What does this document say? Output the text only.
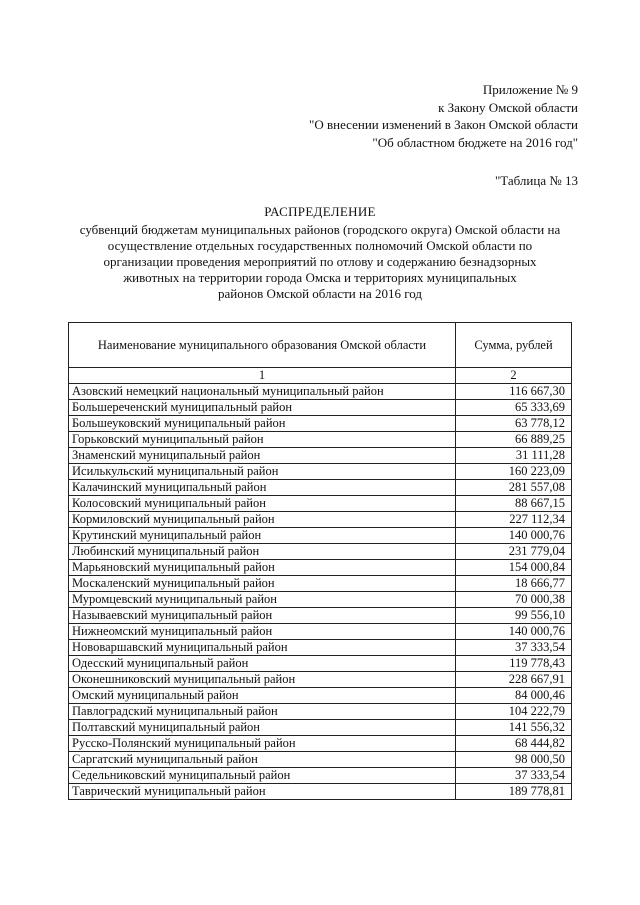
Приложение № 9
к Закону Омской области
"О внесении изменений в Закон Омской области
"Об областном бюджете на 2016 год"
"Таблица № 13
РАСПРЕДЕЛЕНИЕ
субвенций бюджетам муниципальных районов (городского округа) Омской области на
осуществление отдельных государственных полномочий Омской области по
организации проведения мероприятий по отлову и содержанию безнадзорных
животных на территории города Омска и территориях муниципальных
районов Омской области на 2016 год
Наименование муниципального образования Омской области	Сумма, рублей
1	2
Азовский немецкий национальный муниципальный район	116 667,30
Большереченский муниципальный район	65 333,69
Большеуковский муниципальный район	63 778,12
Горьковский муниципальный район	66 889,25
Знаменский муниципальный район	31 111,28
Исилькульский муниципальный район	160 223,09
Калачинский муниципальный район	281 557,08
Колосовский муниципальный район	88 667,15
Кормиловский муниципальный район	227 112,34
Крутинский муниципальный район	140 000,76
Любинский муниципальный район	231 779,04
Марьяновский муниципальный район	154 000,84
Москаленский муниципальный район	18 666,77
Муромцевский муниципальный район	70 000,38
Называевский муниципальный район	99 556,10
Нижнеомский муниципальный район	140 000,76
Нововаршавский муниципальный район	37 333,54
Одесский муниципальный район	119 778,43
Оконешниковский муниципальный район	228 667,91
Омский муниципальный район	84 000,46
Павлоградский муниципальный район	104 222,79
Полтавский муниципальный район	141 556,32
Русско-Полянский муниципальный район	68 444,82
Саргатский муниципальный район	98 000,50
Седельниковский муниципальный район	37 333,54
Таврический муниципальный район	189 778,81
